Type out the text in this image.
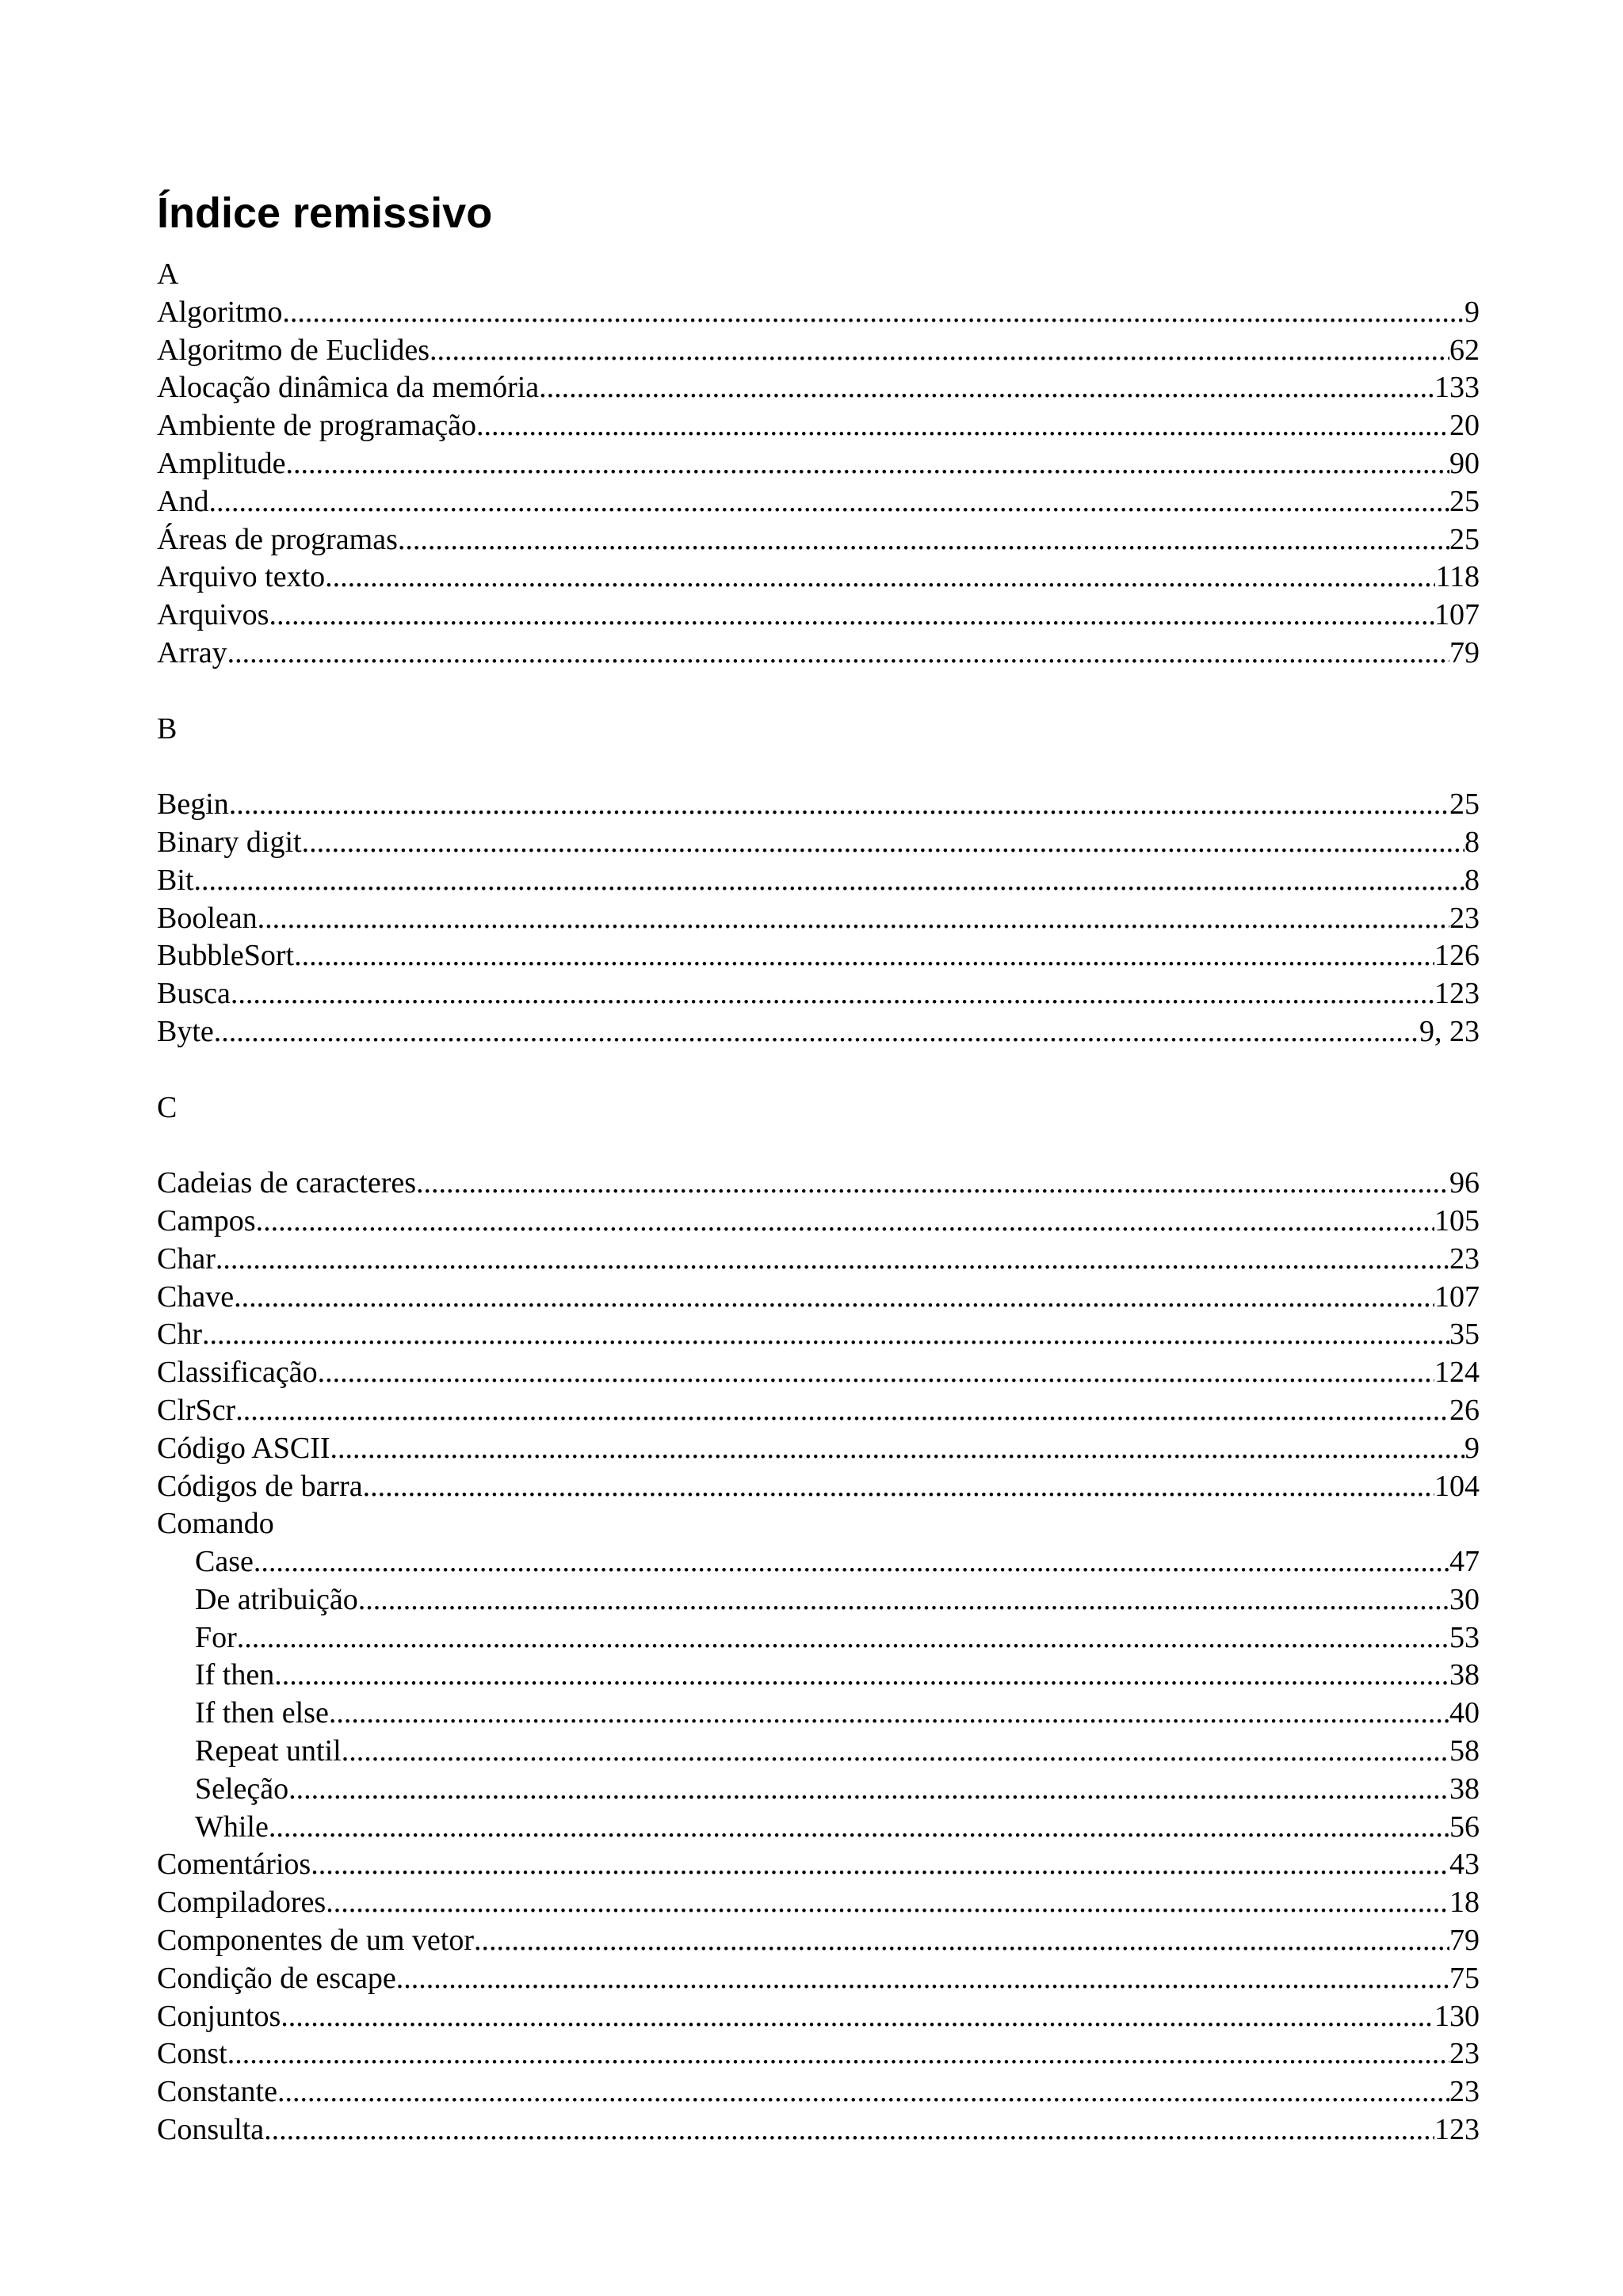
Índice remissivo
A
Algoritmo .....	9
Algoritmo de Euclides .....	62
Alocação dinâmica da memória .....	133
Ambiente de programação .....	20
Amplitude .....	90
And .....	25
Áreas de programas .....	25
Arquivo texto .....	118
Arquivos .....	107
Array .....	79
B
Begin .....	25
Binary digit .....	8
Bit .....	8
Boolean .....	23
BubbleSort .....	126
Busca .....	123
Byte .....	9, 23
C
Cadeias de caracteres .....	96
Campos .....	105
Char .....	23
Chave .....	107
Chr .....	35
Classificação .....	124
ClrScr .....	26
Código ASCII .....	9
Códigos de barra .....	104
Comando
Case .....	47
De atribuição .....	30
For .....	53
If then .....	38
If then else .....	40
Repeat until .....	58
Seleção .....	38
While .....	56
Comentários .....	43
Compiladores .....	18
Componentes de um vetor .....	79
Condição de escape .....	75
Conjuntos .....	130
Const .....	23
Constante .....	23
Consulta .....	123
